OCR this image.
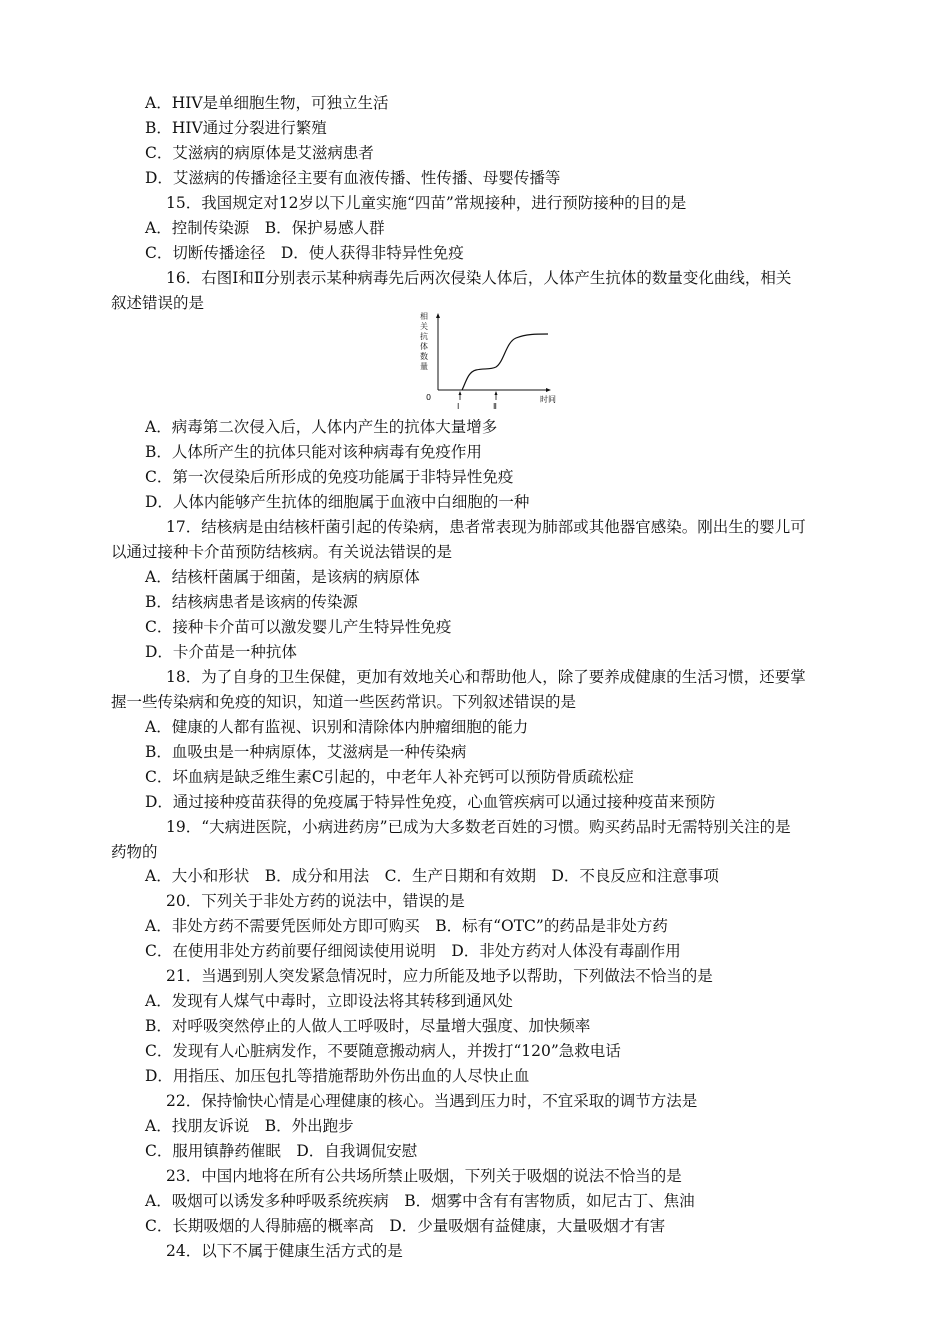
A．HIV是单细胞生物，可独立生活
B．HIV通过分裂进行繁殖
C．艾滋病的病原体是艾滋病患者
D．艾滋病的传播途径主要有血液传播、性传播、母婴传播等
15．我国规定对12岁以下儿童实施“四苗”常规接种，进行预防接种的目的是
A．控制传染源　B．保护易感人群
C．切断传播途径　D．使人获得非特异性免疫
16．右图Ⅰ和Ⅱ分别表示某种病毒先后两次侵染人体后，人体产生抗体的数量变化曲线，相关
叙述错误的是
相
关
抗
体
数
量
0
Ⅰ	Ⅱ
时间
A．病毒第二次侵入后，人体内产生的抗体大量增多
B．人体所产生的抗体只能对该种病毒有免疫作用
C．第一次侵染后所形成的免疫功能属于非特异性免疫
D．人体内能够产生抗体的细胞属于血液中白细胞的一种
17．结核病是由结核杆菌引起的传染病，患者常表现为肺部或其他器官感染。刚出生的婴儿可
以通过接种卡介苗预防结核病。有关说法错误的是
A．结核杆菌属于细菌，是该病的病原体
B．结核病患者是该病的传染源
C．接种卡介苗可以激发婴儿产生特异性免疫
D．卡介苗是一种抗体
18．为了自身的卫生保健，更加有效地关心和帮助他人，除了要养成健康的生活习惯，还要掌
握一些传染病和免疫的知识，知道一些医药常识。下列叙述错误的是
A．健康的人都有监视、识别和清除体内肿瘤细胞的能力
B．血吸虫是一种病原体，艾滋病是一种传染病
C．坏血病是缺乏维生素C引起的，中老年人补充钙可以预防骨质疏松症
D．通过接种疫苗获得的免疫属于特异性免疫，心血管疾病可以通过接种疫苗来预防
19．“大病进医院，小病进药房”已成为大多数老百姓的习惯。购买药品时无需特别关注的是
药物的
A．大小和形状　B．成分和用法　C．生产日期和有效期　D．不良反应和注意事项
20．下列关于非处方药的说法中，错误的是
A．非处方药不需要凭医师处方即可购买　B．标有“OTC”的药品是非处方药
C．在使用非处方药前要仔细阅读使用说明　D．非处方药对人体没有毒副作用
21．当遇到别人突发紧急情况时，应力所能及地予以帮助，下列做法不恰当的是
A．发现有人煤气中毒时，立即设法将其转移到通风处
B．对呼吸突然停止的人做人工呼吸时，尽量增大强度、加快频率
C．发现有人心脏病发作，不要随意搬动病人，并拨打“120”急救电话
D．用指压、加压包扎等措施帮助外伤出血的人尽快止血
22．保持愉快心情是心理健康的核心。当遇到压力时，不宜采取的调节方法是
A．找朋友诉说　B．外出跑步
C．服用镇静药催眠　D．自我调侃安慰
23．中国内地将在所有公共场所禁止吸烟，下列关于吸烟的说法不恰当的是
A．吸烟可以诱发多种呼吸系统疾病　B．烟雾中含有有害物质，如尼古丁、焦油
C．长期吸烟的人得肺癌的概率高　D．少量吸烟有益健康，大量吸烟才有害
24．以下不属于健康生活方式的是
